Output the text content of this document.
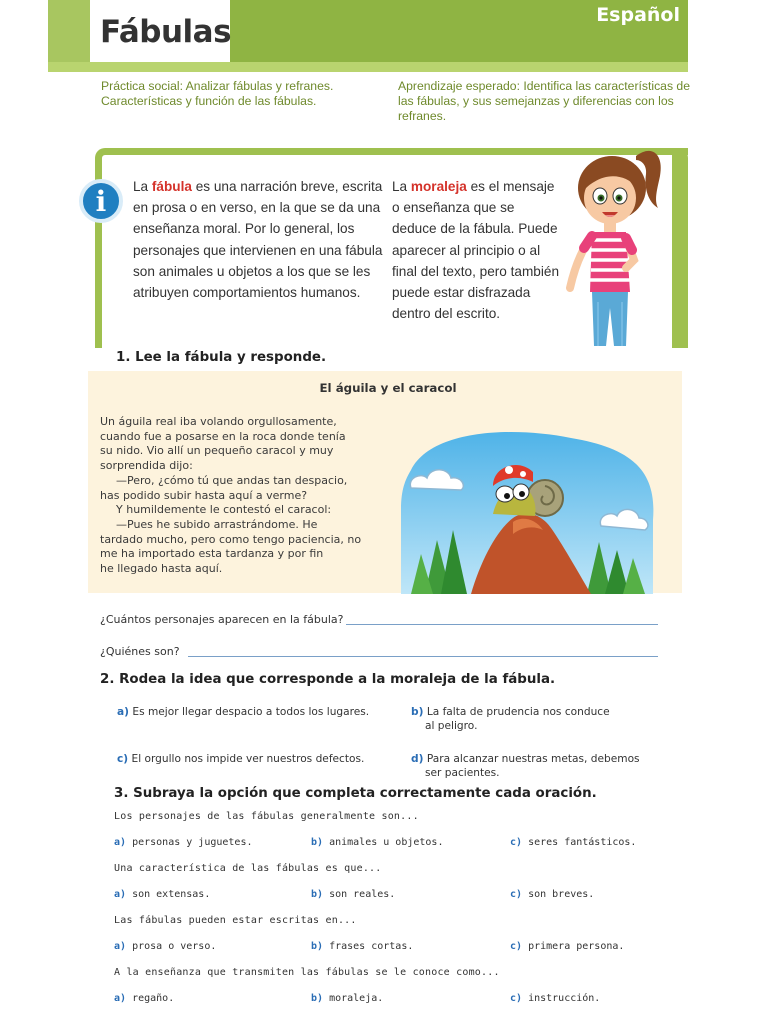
Fábulas	Español
Práctica social: Analizar fábulas y refranes. Características y función de las fábulas.
Aprendizaje esperado: Identifica las características de las fábulas, y sus semejanzas y diferencias con los refranes.
i	La fábula es una narración breve, escrita en prosa o en verso, en la que se da una enseñanza moral. Por lo general, los personajes que intervienen en una fábula son animales u objetos a los que se les atribuyen comportamientos humanos.
La moraleja es el mensaje o enseñanza que se deduce de la fábula. Puede aparecer al principio o al final del texto, pero también puede estar disfrazada dentro del escrito.
1. Lee la fábula y responde.
El águila y el caracol
Un águila real iba volando orgullosamente,
cuando fue a posarse en la roca donde tenía
su nido. Vio allí un pequeño caracol y muy
sorprendida dijo:
—Pero, ¿cómo tú que andas tan despacio,
has podido subir hasta aquí a verme?
Y humildemente le contestó el caracol:
—Pues he subido arrastrándome. He
tardado mucho, pero como tengo paciencia, no
me ha importado esta tardanza y por fin
he llegado hasta aquí.
¿Cuántos personajes aparecen en la fábula?
¿Quiénes son?
2. Rodea la idea que corresponde a la moraleja de la fábula.
a) Es mejor llegar despacio a todos los lugares.	b) La falta de prudencia nos conduce
al peligro.
c) El orgullo nos impide ver nuestros defectos.	d) Para alcanzar nuestras metas, debemos
ser pacientes.
3. Subraya la opción que completa correctamente cada oración.
Los personajes de las fábulas generalmente son...
a) personas y juguetes.	b) animales u objetos.	c) seres fantásticos.
Una característica de las fábulas es que...
a) son extensas.	b) son reales.	c) son breves.
Las fábulas pueden estar escritas en...
a) prosa o verso.	b) frases cortas.	c) primera persona.
A la enseñanza que transmiten las fábulas se le conoce como...
a) regaño.	b) moraleja.	c) instrucción.
